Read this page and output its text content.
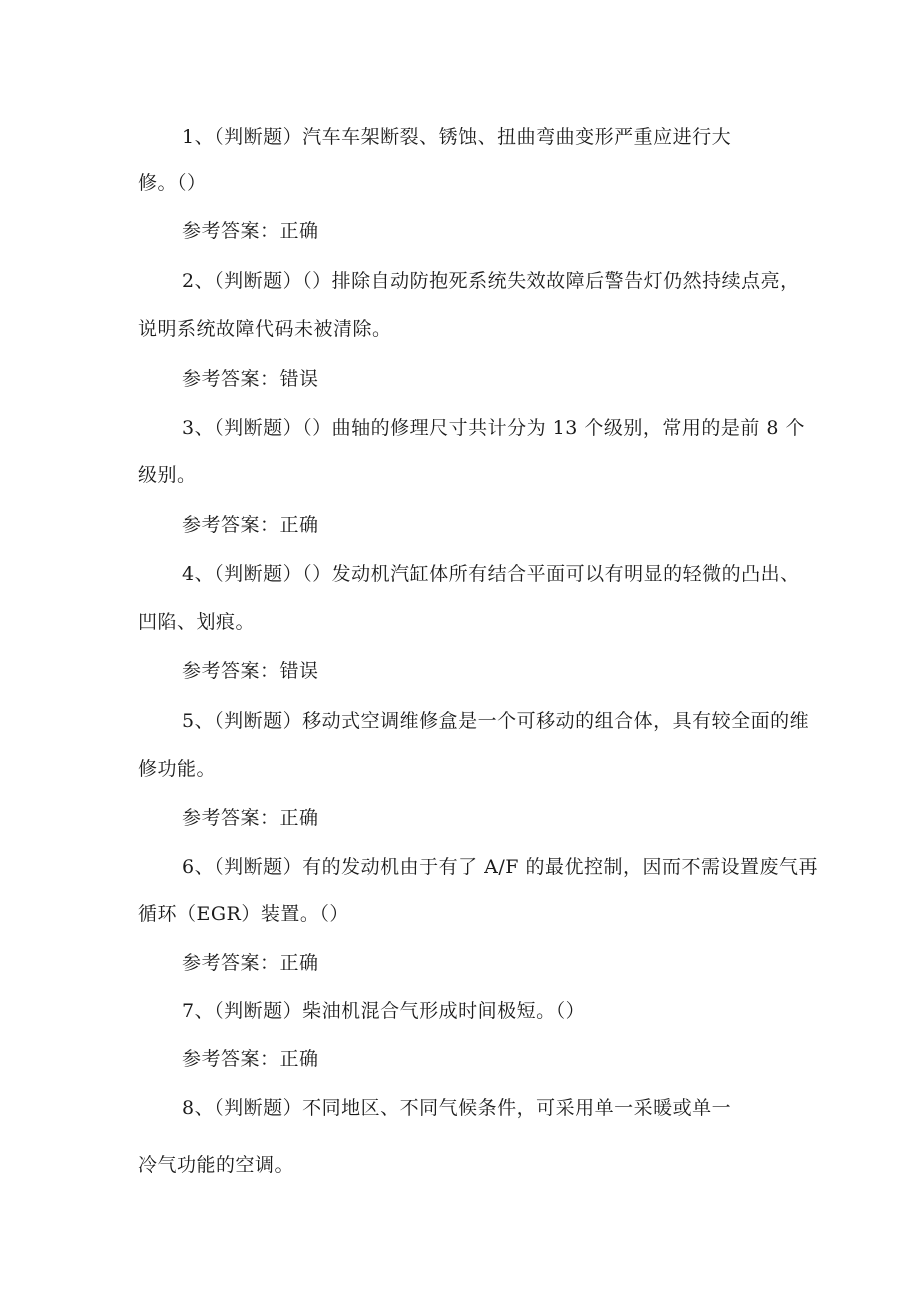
1、（判断题）汽车车架断裂、锈蚀、扭曲弯曲变形严重应进行大
修。（）
参考答案：正确
2、（判断题）（）排除自动防抱死系统失效故障后警告灯仍然持续点亮，
说明系统故障代码未被清除。
参考答案：错误
3、（判断题）（）曲轴的修理尺寸共计分为 13 个级别，常用的是前 8 个
级别。
参考答案：正确
4、（判断题）（）发动机汽缸体所有结合平面可以有明显的轻微的凸出、
凹陷、划痕。
参考答案：错误
5、（判断题）移动式空调维修盒是一个可移动的组合体，具有较全面的维
修功能。
参考答案：正确
6、（判断题）有的发动机由于有了 A/F 的最优控制，因而不需设置废气再
循环（EGR）装置。（）
参考答案：正确
7、（判断题）柴油机混合气形成时间极短。（）
参考答案：正确
8、（判断题）不同地区、不同气候条件，可采用单一采暖或单一
冷气功能的空调。
